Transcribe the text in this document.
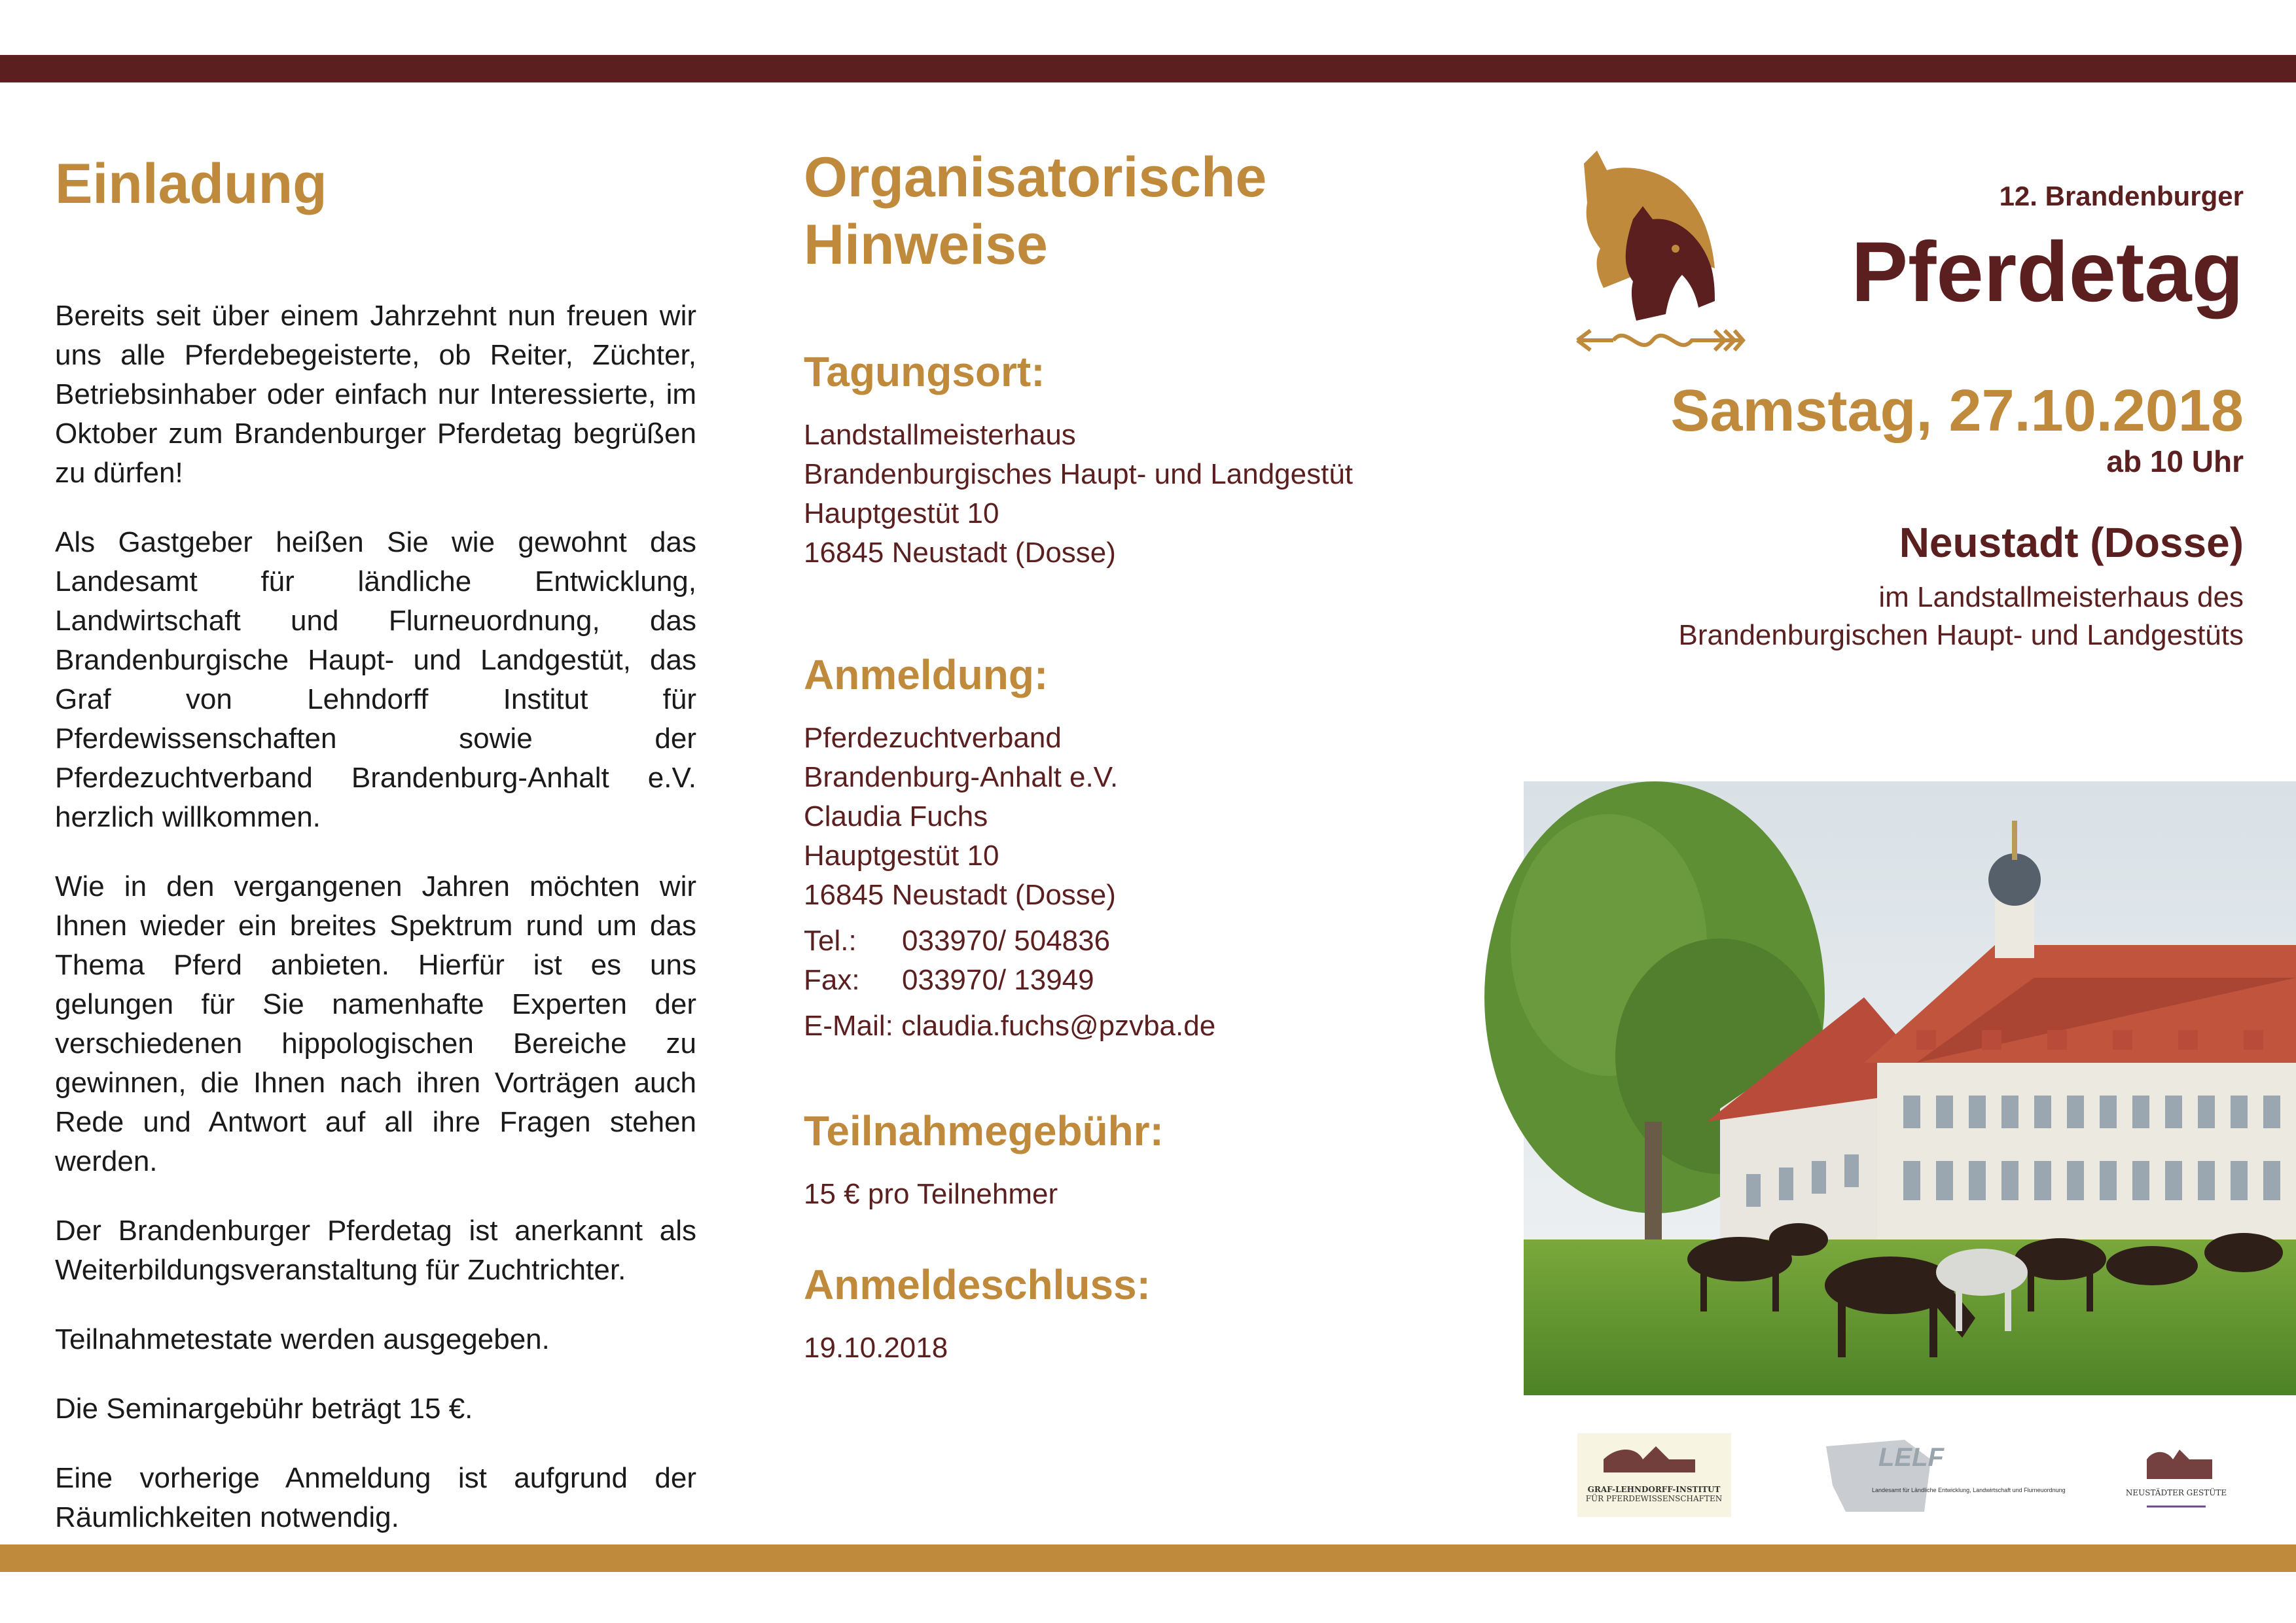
Einladung

Bereits seit über einem Jahrzehnt nun freuen wir uns alle Pferdebegeisterte, ob Reiter, Züchter, Betriebsinhaber oder einfach nur Interessierte, im Oktober zum Brandenburger Pferdetag begrüßen zu dürfen!

Als Gastgeber heißen Sie wie gewohnt das Landesamt für ländliche Entwicklung, Landwirtschaft und Flurneuordnung, das Brandenburgische Haupt- und Landgestüt, das Graf von Lehndorff Institut für Pferdewissenschaften sowie der Pferdezuchtverband Brandenburg-Anhalt e.V. herzlich willkommen.

Wie in den vergangenen Jahren möchten wir Ihnen wieder ein breites Spektrum rund um das Thema Pferd anbieten. Hierfür ist es uns gelungen für Sie namenhafte Experten der verschiedenen hippologischen Bereiche zu gewinnen, die Ihnen nach ihren Vorträgen auch Rede und Antwort auf all ihre Fragen stehen werden.

Der Brandenburger Pferdetag ist anerkannt als Weiterbildungsveranstaltung für Zuchtrichter.

Teilnahmetestate werden ausgegeben.

Die Seminargebühr beträgt 15 €.

Eine vorherige Anmeldung ist aufgrund der Räumlichkeiten notwendig.

Organisatorische Hinweise
Tagungsort:
Landstallmeisterhaus
Brandenburgisches Haupt- und Landgestüt
Hauptgestüt 10
16845 Neustadt (Dosse)
Anmeldung:
Pferdezuchtverband
Brandenburg-Anhalt e.V.
Claudia Fuchs
Hauptgestüt 10
16845 Neustadt (Dosse)
Tel.:	033970/ 504836
Fax:	033970/ 13949
E-Mail: claudia.fuchs@pzvba.de
Teilnahmegebühr:
15 € pro Teilnehmer
Anmeldeschluss:
19.10.2018
12. Brandenburger
Pferdetag
Samstag, 27.10.2018
ab 10 Uhr
Neustadt (Dosse)
im Landstallmeisterhaus des
Brandenburgischen Haupt- und Landgestüts
GRAF-LEHNDORFF-INSTITUT
FÜR PFERDEWISSENSCHAFTEN
LELF
Landesamt für Ländliche Entwicklung, Landwirtschaft und Flurneuordnung	NEUSTÄDTER GESTÜTE
